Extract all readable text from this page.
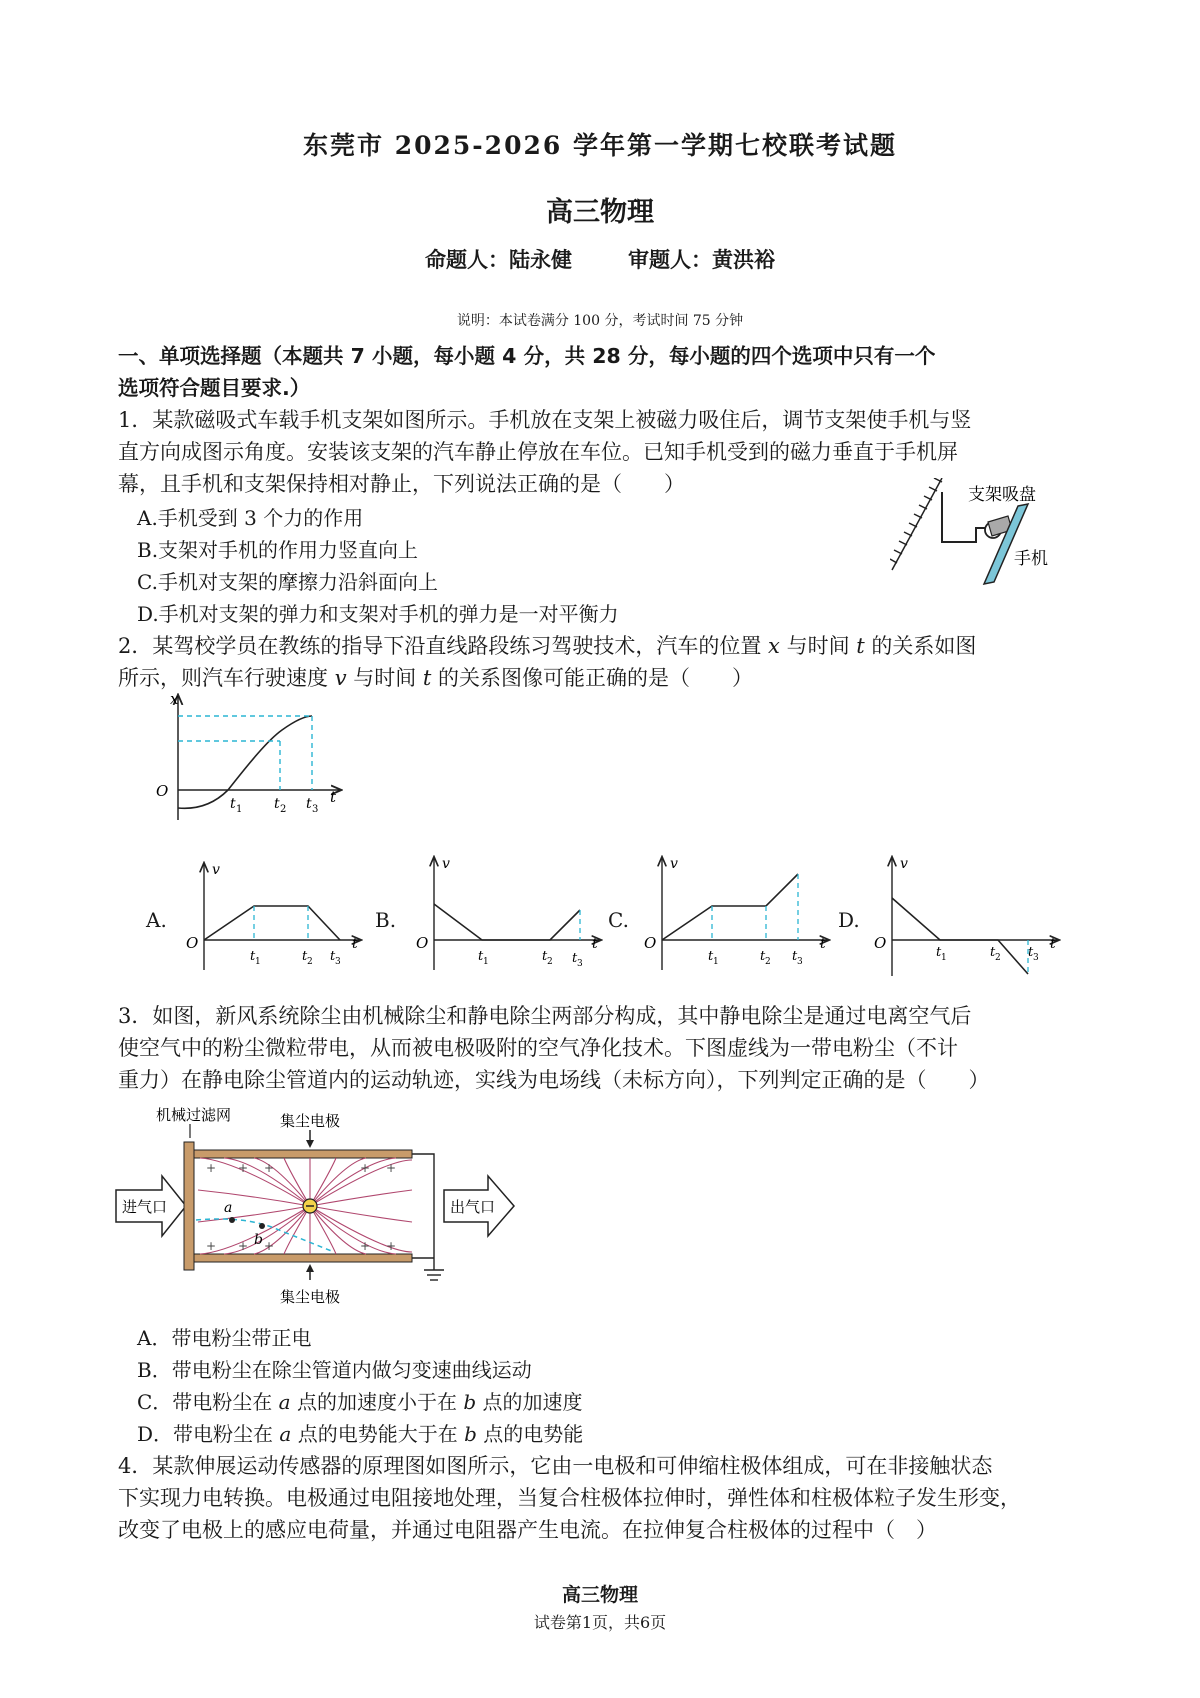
东莞市 2025-2026 学年第一学期七校联考试题
高三物理
命题人：陆永健	审题人：黄洪裕
说明：本试卷满分 100 分，考试时间 75 分钟
一、单项选择题（本题共 7 小题，每小题 4 分，共 28 分，每小题的四个选项中只有一个
选项符合题目要求.）
1．某款磁吸式车载手机支架如图所示。手机放在支架上被磁力吸住后，调节支架使手机与竖
直方向成图示角度。安装该支架的汽车静止停放在车位。已知手机受到的磁力垂直于手机屏
幕，且手机和支架保持相对静止，下列说法正确的是（　　）
A.手机受到 3 个力的作用
B.支架对手机的作用力竖直向上
C.手机对支架的摩擦力沿斜面向上
D.手机对支架的弹力和支架对手机的弹力是一对平衡力
支架吸盘
手机
2．某驾校学员在教练的指导下沿直线路段练习驾驶技术，汽车的位置 x 与时间 t 的关系如图
所示，则汽车行驶速度 v 与时间 t 的关系图像可能正确的是（　　）
x
O	t
t 1 t 2 t 3
A.	B.	C.	D.
v
O	t
t 1	t 2 t 3
v
O	t
t 1	t 2 t 3
v
O	t
t 1	t 2 t 3
v
O	t
t 1	t 2 t 3
3．如图，新风系统除尘由机械除尘和静电除尘两部分构成，其中静电除尘是通过电离空气后
使空气中的粉尘微粒带电，从而被电极吸附的空气净化技术。下图虚线为一带电粉尘（不计
重力）在静电除尘管道内的运动轨迹，实线为电场线（未标方向），下列判定正确的是（　　）
机械过滤网	集尘电极
集尘电极
进气口	出气口
+ + +	+ +
+ + +	+ +
a
b
A．带电粉尘带正电
B．带电粉尘在除尘管道内做匀变速曲线运动
C．带电粉尘在 a 点的加速度小于在 b 点的加速度
D．带电粉尘在 a 点的电势能大于在 b 点的电势能
4．某款伸展运动传感器的原理图如图所示，它由一电极和可伸缩柱极体组成，可在非接触状态
下实现力电转换。电极通过电阻接地处理，当复合柱极体拉伸时，弹性体和柱极体粒子发生形变，
改变了电极上的感应电荷量，并通过电阻器产生电流。在拉伸复合柱极体的过程中（　）
高三物理
试卷第1页，共6页
